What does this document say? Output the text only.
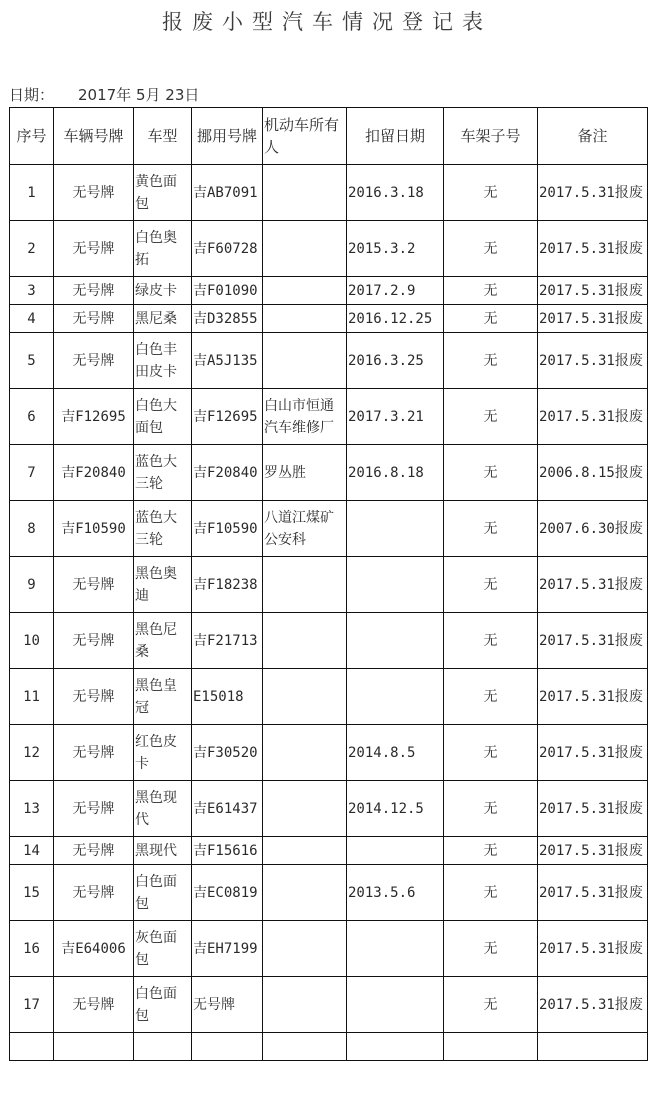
报废小型汽车情况登记表
日期： 2017年 5月 23日
序号	车辆号牌	车型	挪用号牌	机动车所有人	扣留日期	车架子号	备注
1	无号牌	黄色面包	吉AB7091		2016.3.18	无	2017.5.31报废
2	无号牌	白色奥拓	吉F60728		2015.3.2	无	2017.5.31报废
3	无号牌	绿皮卡	吉F01090		2017.2.9	无	2017.5.31报废
4	无号牌	黑尼桑	吉D32855		2016.12.25	无	2017.5.31报废
5	无号牌	白色丰田皮卡	吉A5J135		2016.3.25	无	2017.5.31报废
6	吉F12695	白色大面包	吉F12695	白山市恒通汽车维修厂	2017.3.21	无	2017.5.31报废
7	吉F20840	蓝色大三轮	吉F20840	罗丛胜	2016.8.18	无	2006.8.15报废
8	吉F10590	蓝色大三轮	吉F10590	八道江煤矿公安科		无	2007.6.30报废
9	无号牌	黑色奥迪	吉F18238			无	2017.5.31报废
10	无号牌	黑色尼桑	吉F21713			无	2017.5.31报废
11	无号牌	黑色皇冠	E15018			无	2017.5.31报废
12	无号牌	红色皮卡	吉F30520		2014.8.5	无	2017.5.31报废
13	无号牌	黑色现代	吉E61437		2014.12.5	无	2017.5.31报废
14	无号牌	黑现代	吉F15616			无	2017.5.31报废
15	无号牌	白色面包	吉EC0819		2013.5.6	无	2017.5.31报废
16	吉E64006	灰色面包	吉EH7199			无	2017.5.31报废
17	无号牌	白色面包	无号牌			无	2017.5.31报废
